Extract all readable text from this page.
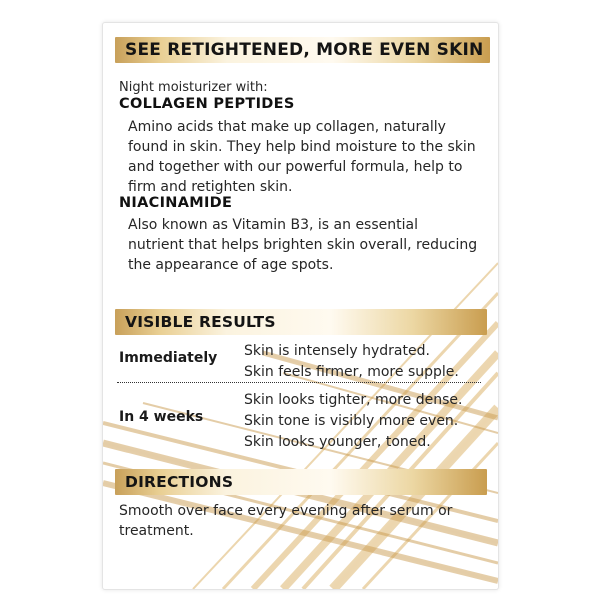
SEE RETIGHTENED, MORE EVEN SKIN
Night moisturizer with:
COLLAGEN PEPTIDES
Amino acids that make up collagen, naturally found in skin. They help bind moisture to the skin and together with our powerful formula, help to firm and retighten skin.
NIACINAMIDE
Also known as Vitamin B3, is an essential nutrient that helps brighten skin overall, reducing the appearance of age spots.
VISIBLE RESULTS
Immediately Skin is intensely hydrated.
Skin feels firmer, more supple.
In 4 weeks
Skin looks tighter, more dense.
Skin tone is visibly more even.
Skin looks younger, toned.
DIRECTIONS
Smooth over face every evening after serum or treatment.
